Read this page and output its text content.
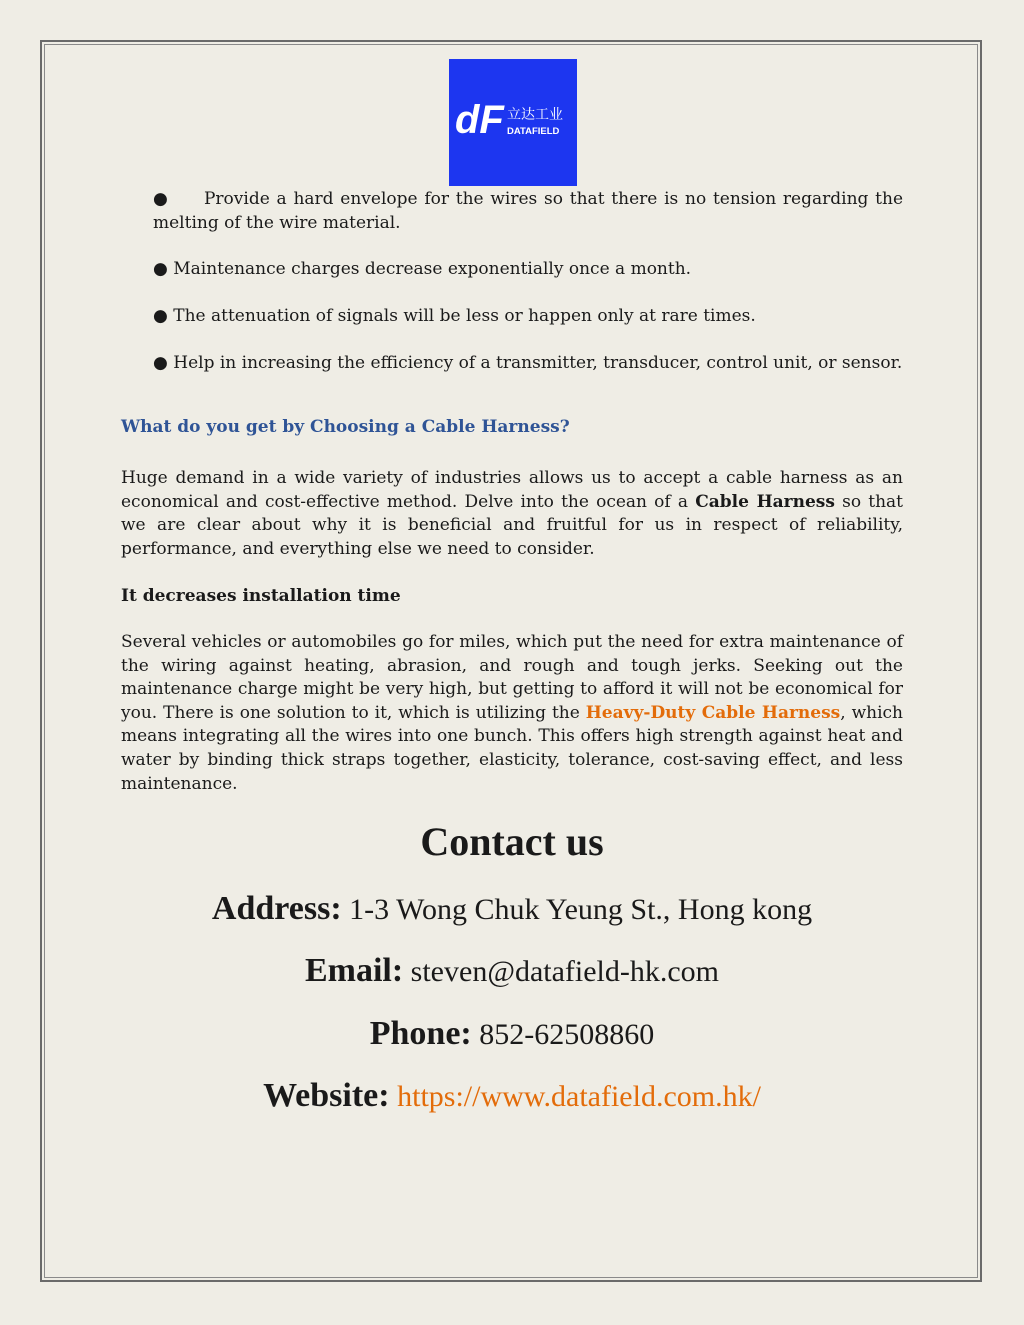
dF 立达工业
DATAFIELD
● Provide a hard envelope for the wires so that there is no tension regarding the melting of the wire material.
● Maintenance charges decrease exponentially once a month.
● The attenuation of signals will be less or happen only at rare times.
● Help in increasing the efficiency of a transmitter, transducer, control unit, or sensor.
What do you get by Choosing a Cable Harness?
Huge demand in a wide variety of industries allows us to accept a cable harness as an economical and cost-effective method. Delve into the ocean of a Cable Harness so that we are clear about why it is beneficial and fruitful for us in respect of reliability, performance, and everything else we need to consider.
It decreases installation time
Several vehicles or automobiles go for miles, which put the need for extra maintenance of the wiring against heating, abrasion, and rough and tough jerks. Seeking out the maintenance charge might be very high, but getting to afford it will not be economical for you. There is one solution to it, which is utilizing the Heavy-Duty Cable Harness, which means integrating all the wires into one bunch. This offers high strength against heat and water by binding thick straps together, elasticity, tolerance, cost-saving effect, and less maintenance.
Contact us
Address: 1-3 Wong Chuk Yeung St., Hong kong
Email: steven@datafield-hk.com
Phone: 852-62508860
Website: https://www.datafield.com.hk/
